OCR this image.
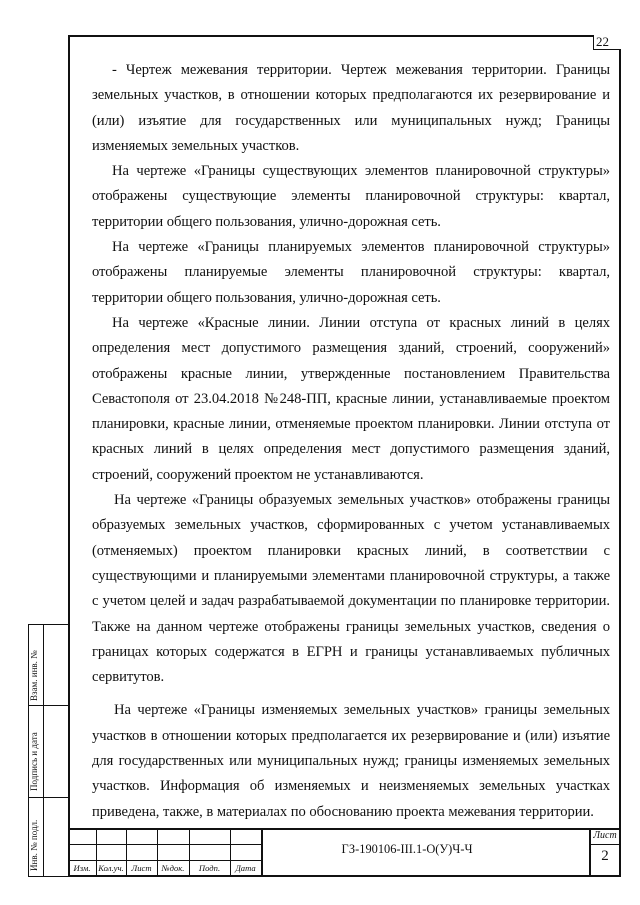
22

- Чертеж межевания территории. Чертеж межевания территории. Границы земельных участков, в отношении которых предполагаются их резервирование и (или) изъятие для государственных или муниципальных нужд; Границы изменяемых земельных участков.

На чертеже «Границы существующих элементов планировочной структуры» отображены существующие элементы планировочной структуры: квартал, территории общего пользования, улично-дорожная сеть.

На чертеже «Границы планируемых элементов планировочной структуры» отображены планируемые элементы планировочной структуры: квартал, территории общего пользования, улично-дорожная сеть.

На чертеже «Красные линии. Линии отступа от красных линий в целях определения мест допустимого размещения зданий, строений, сооружений» отображены красные линии, утвержденные постановлением Правительства Севастополя от 23.04.2018 №248-ПП, красные линии, устанавливаемые проектом планировки, красные линии, отменяемые проектом планировки. Линии отступа от красных линий в целях определения мест допустимого размещения зданий, строений, сооружений проектом не устанавливаются.

На чертеже «Границы образуемых земельных участков» отображены границы образуемых земельных участков, сформированных с учетом устанавливаемых (отменяемых) проектом планировки красных линий, в соответствии с существующими и планируемыми элементами планировочной структуры, а также с учетом целей и задач разрабатываемой документации по планировке территории. Также на данном чертеже отображены границы земельных участков, сведения о границах которых содержатся в ЕГРН и границы устанавливаемых публичных сервитутов.

На чертеже «Границы изменяемых земельных участков» границы земельных участков в отношении которых предполагается их резервирование и (или) изъятие для государственных или муниципальных нужд; границы изменяемых земельных участков. Информация об изменяемых и неизменяемых земельных участках приведена, также, в материалах по обоснованию проекта межевания территории.

Взам. инв. №
Подпись и дата
Инв. № подл.	Изм. Кол.уч. Лист	№док.	Подп.	Дата
ГЗ-190106-III.1-О(У)Ч-Ч
Лист
2
